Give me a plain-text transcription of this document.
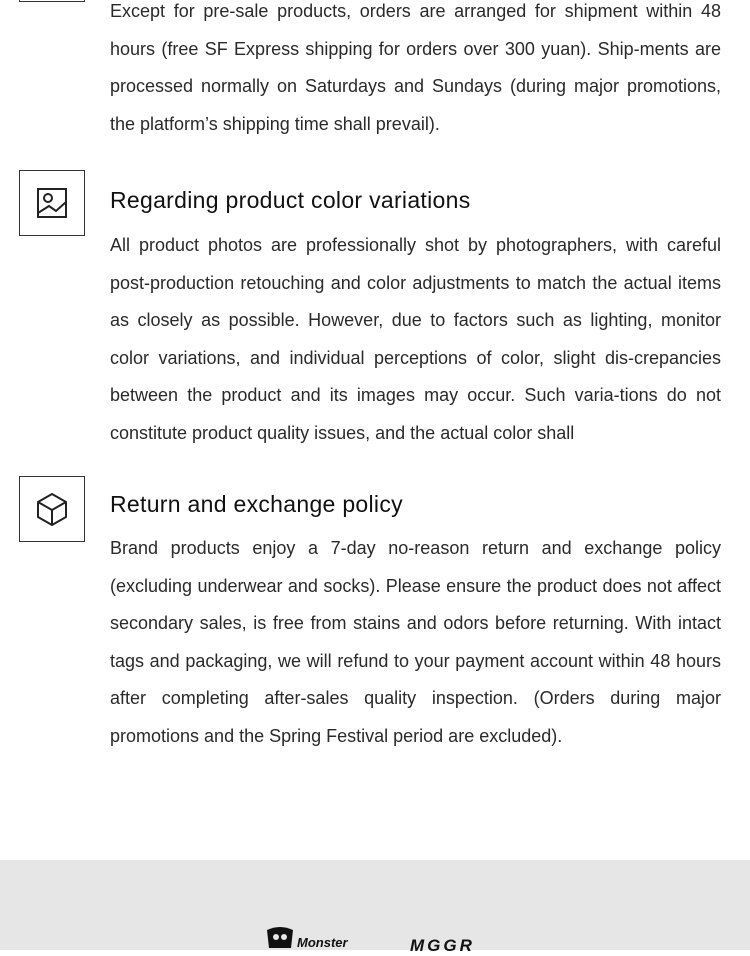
Except for pre-sale products, orders are arranged for shipment within 48 hours (free SF Express shipping for orders over 300 yuan). Ship-ments are processed normally on Saturdays and Sundays (during major promotions, the platform’s shipping time shall prevail).

Regarding product color variations

All product photos are professionally shot by photographers, with careful post-production retouching and color adjustments to match the actual items as closely as possible. However, due to factors such as lighting, monitor color variations, and individual perceptions of color, slight dis-crepancies between the product and its images may occur. Such varia-tions do not constitute product quality issues, and the actual color shall

Return and exchange policy

Brand products enjoy a 7-day no-reason return and exchange policy (excluding underwear and socks). Please ensure the product does not affect secondary sales, is free from stains and odors before returning. With intact tags and packaging, we will refund to your payment account within 48 hours after completing after-sales quality inspection. (Orders during major promotions and the Spring Festival period are excluded).

Monster	MGGR
